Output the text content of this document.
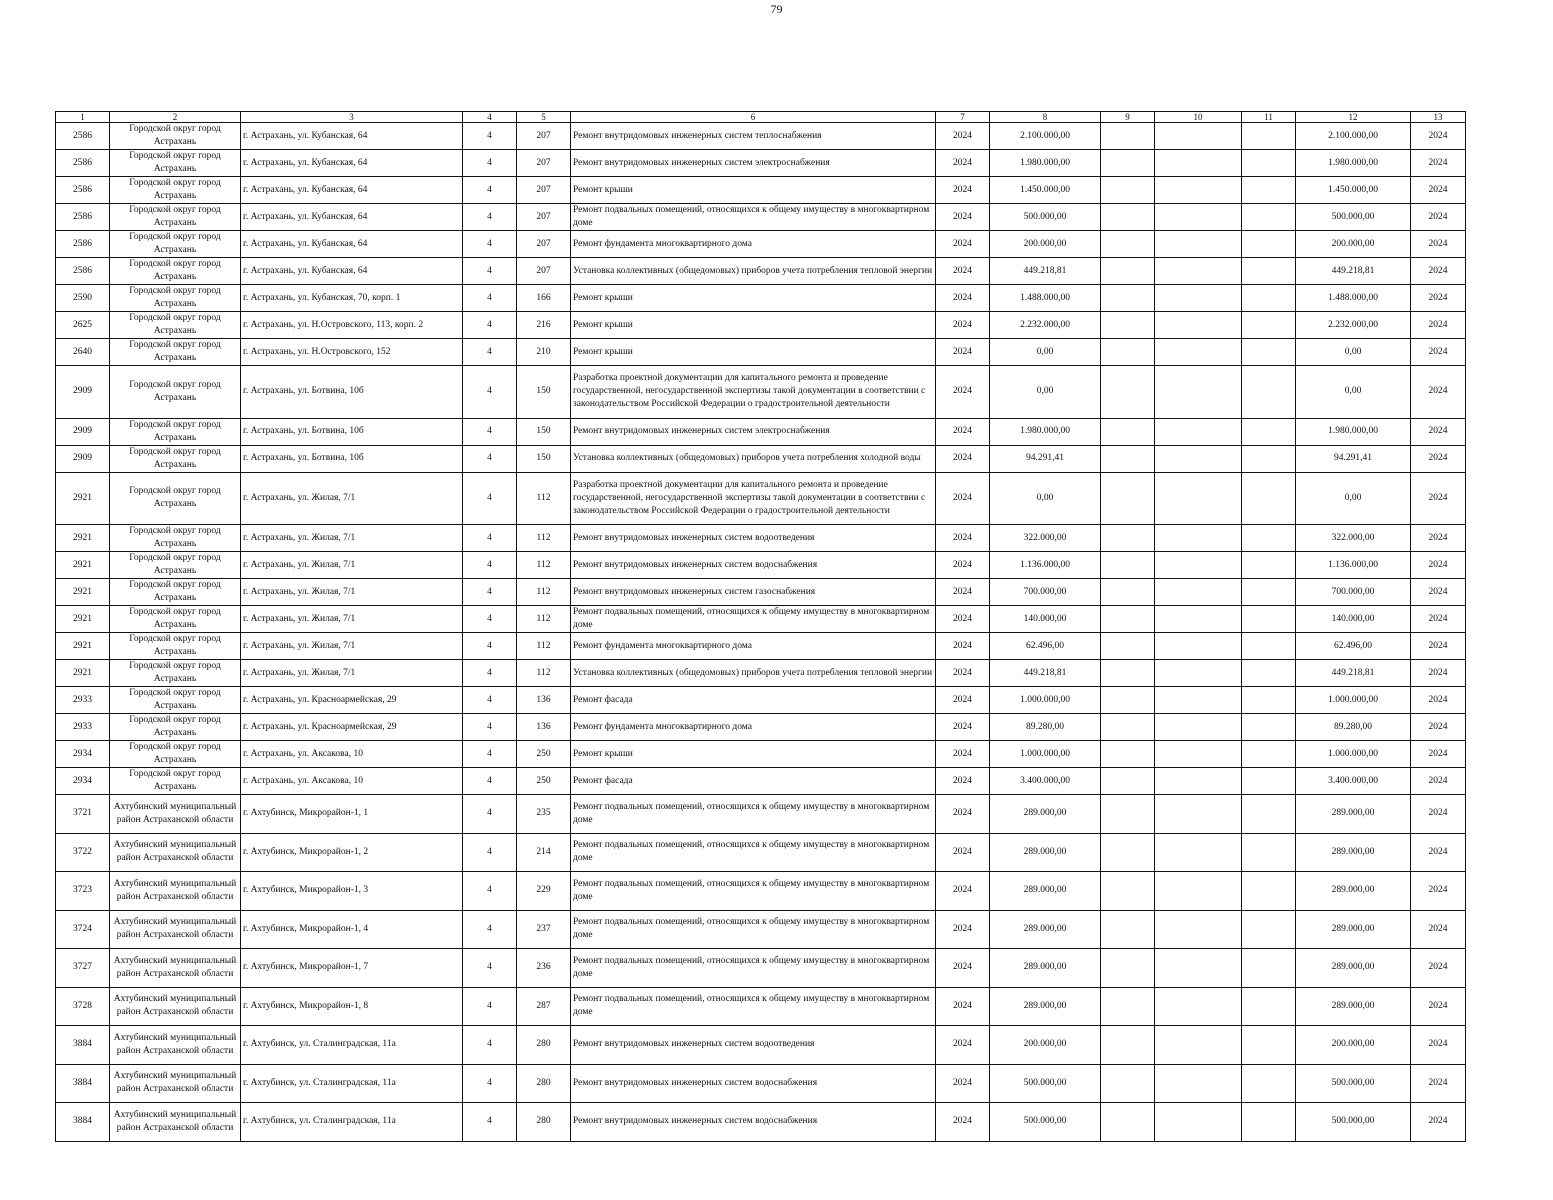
79
1	2	3	4	5	6	7	8	9	10	11	12	13
2586	Городской округ город Астрахань	г. Астрахань, ул. Кубанская, 64	4	207	Ремонт внутридомовых инженерных систем теплоснабжения	2024	2.100.000,00				2.100.000,00	2024
2586	Городской округ город Астрахань	г. Астрахань, ул. Кубанская, 64	4	207	Ремонт внутридомовых инженерных систем электроснабжения	2024	1.980.000,00				1.980.000,00	2024
2586	Городской округ город Астрахань	г. Астрахань, ул. Кубанская, 64	4	207	Ремонт крыши	2024	1.450.000,00				1.450.000,00	2024
2586	Городской округ город Астрахань	г. Астрахань, ул. Кубанская, 64	4	207	Ремонт подвальных помещений, относящихся к общему имуществу в многоквартирном доме	2024	500.000,00				500.000,00	2024
2586	Городской округ город Астрахань	г. Астрахань, ул. Кубанская, 64	4	207	Ремонт фундамента многоквартирного дома	2024	200.000,00				200.000,00	2024
2586	Городской округ город Астрахань	г. Астрахань, ул. Кубанская, 64	4	207	Установка коллективных (общедомовых) приборов учета потребления тепловой энергии	2024	449.218,81				449.218,81	2024
2590	Городской округ город Астрахань	г. Астрахань, ул. Кубанская, 70, корп. 1	4	166	Ремонт крыши	2024	1.488.000,00				1.488.000,00	2024
2625	Городской округ город Астрахань	г. Астрахань, ул. Н.Островского, 113, корп. 2	4	216	Ремонт крыши	2024	2.232.000,00				2.232.000,00	2024
2640	Городской округ город Астрахань	г. Астрахань, ул. Н.Островского, 152	4	210	Ремонт крыши	2024	0,00				0,00	2024
2909	Городской округ город Астрахань	г. Астрахань, ул. Ботвина, 10б	4	150	Разработка проектной документации для капитального ремонта и проведение государственной, негосударственной экспертизы такой документации в соответствии с законодательством Российской Федерации о градостроительной деятельности	2024	0,00				0,00	2024
2909	Городской округ город Астрахань	г. Астрахань, ул. Ботвина, 10б	4	150	Ремонт внутридомовых инженерных систем электроснабжения	2024	1.980.000,00				1.980.000,00	2024
2909	Городской округ город Астрахань	г. Астрахань, ул. Ботвина, 10б	4	150	Установка коллективных (общедомовых) приборов учета потребления холодной воды	2024	94.291,41				94.291,41	2024
2921	Городской округ город Астрахань	г. Астрахань, ул. Жилая, 7/1	4	112	Разработка проектной документации для капитального ремонта и проведение государственной, негосударственной экспертизы такой документации в соответствии с законодательством Российской Федерации о градостроительной деятельности	2024	0,00				0,00	2024
2921	Городской округ город Астрахань	г. Астрахань, ул. Жилая, 7/1	4	112	Ремонт внутридомовых инженерных систем водоотведения	2024	322.000,00				322.000,00	2024
2921	Городской округ город Астрахань	г. Астрахань, ул. Жилая, 7/1	4	112	Ремонт внутридомовых инженерных систем водоснабжения	2024	1.136.000,00				1.136.000,00	2024
2921	Городской округ город Астрахань	г. Астрахань, ул. Жилая, 7/1	4	112	Ремонт внутридомовых инженерных систем газоснабжения	2024	700.000,00				700.000,00	2024
2921	Городской округ город Астрахань	г. Астрахань, ул. Жилая, 7/1	4	112	Ремонт подвальных помещений, относящихся к общему имуществу в многоквартирном доме	2024	140.000,00				140.000,00	2024
2921	Городской округ город Астрахань	г. Астрахань, ул. Жилая, 7/1	4	112	Ремонт фундамента многоквартирного дома	2024	62.496,00				62.496,00	2024
2921	Городской округ город Астрахань	г. Астрахань, ул. Жилая, 7/1	4	112	Установка коллективных (общедомовых) приборов учета потребления тепловой энергии	2024	449.218,81				449.218,81	2024
2933	Городской округ город Астрахань	г. Астрахань, ул. Красноармейская, 29	4	136	Ремонт фасада	2024	1.000.000,00				1.000.000,00	2024
2933	Городской округ город Астрахань	г. Астрахань, ул. Красноармейская, 29	4	136	Ремонт фундамента многоквартирного дома	2024	89.280,00				89.280,00	2024
2934	Городской округ город Астрахань	г. Астрахань, ул. Аксакова, 10	4	250	Ремонт крыши	2024	1.000.000,00				1.000.000,00	2024
2934	Городской округ город Астрахань	г. Астрахань, ул. Аксакова, 10	4	250	Ремонт фасада	2024	3.400.000,00				3.400.000,00	2024
3721	Ахтубинский муниципальный район Астраханской области	г. Ахтубинск, Микрорайон-1, 1	4	235	Ремонт подвальных помещений, относящихся к общему имуществу в многоквартирном доме	2024	289.000,00				289.000,00	2024
3722	Ахтубинский муниципальный район Астраханской области	г. Ахтубинск, Микрорайон-1, 2	4	214	Ремонт подвальных помещений, относящихся к общему имуществу в многоквартирном доме	2024	289.000,00				289.000,00	2024
3723	Ахтубинский муниципальный район Астраханской области	г. Ахтубинск, Микрорайон-1, 3	4	229	Ремонт подвальных помещений, относящихся к общему имуществу в многоквартирном доме	2024	289.000,00				289.000,00	2024
3724	Ахтубинский муниципальный район Астраханской области	г. Ахтубинск, Микрорайон-1, 4	4	237	Ремонт подвальных помещений, относящихся к общему имуществу в многоквартирном доме	2024	289.000,00				289.000,00	2024
3727	Ахтубинский муниципальный район Астраханской области	г. Ахтубинск, Микрорайон-1, 7	4	236	Ремонт подвальных помещений, относящихся к общему имуществу в многоквартирном доме	2024	289.000,00				289.000,00	2024
3728	Ахтубинский муниципальный район Астраханской области	г. Ахтубинск, Микрорайон-1, 8	4	287	Ремонт подвальных помещений, относящихся к общему имуществу в многоквартирном доме	2024	289.000,00				289.000,00	2024
3884	Ахтубинский муниципальный район Астраханской области	г. Ахтубинск, ул. Сталинградская, 11а	4	280	Ремонт внутридомовых инженерных систем водоотведения	2024	200.000,00				200.000,00	2024
3884	Ахтубинский муниципальный район Астраханской области	г. Ахтубинск, ул. Сталинградская, 11а	4	280	Ремонт внутридомовых инженерных систем водоснабжения	2024	500.000,00				500.000,00	2024
3884	Ахтубинский муниципальный район Астраханской области	г. Ахтубинск, ул. Сталинградская, 11а	4	280	Ремонт внутридомовых инженерных систем водоснабжения	2024	500.000,00				500.000,00	2024
